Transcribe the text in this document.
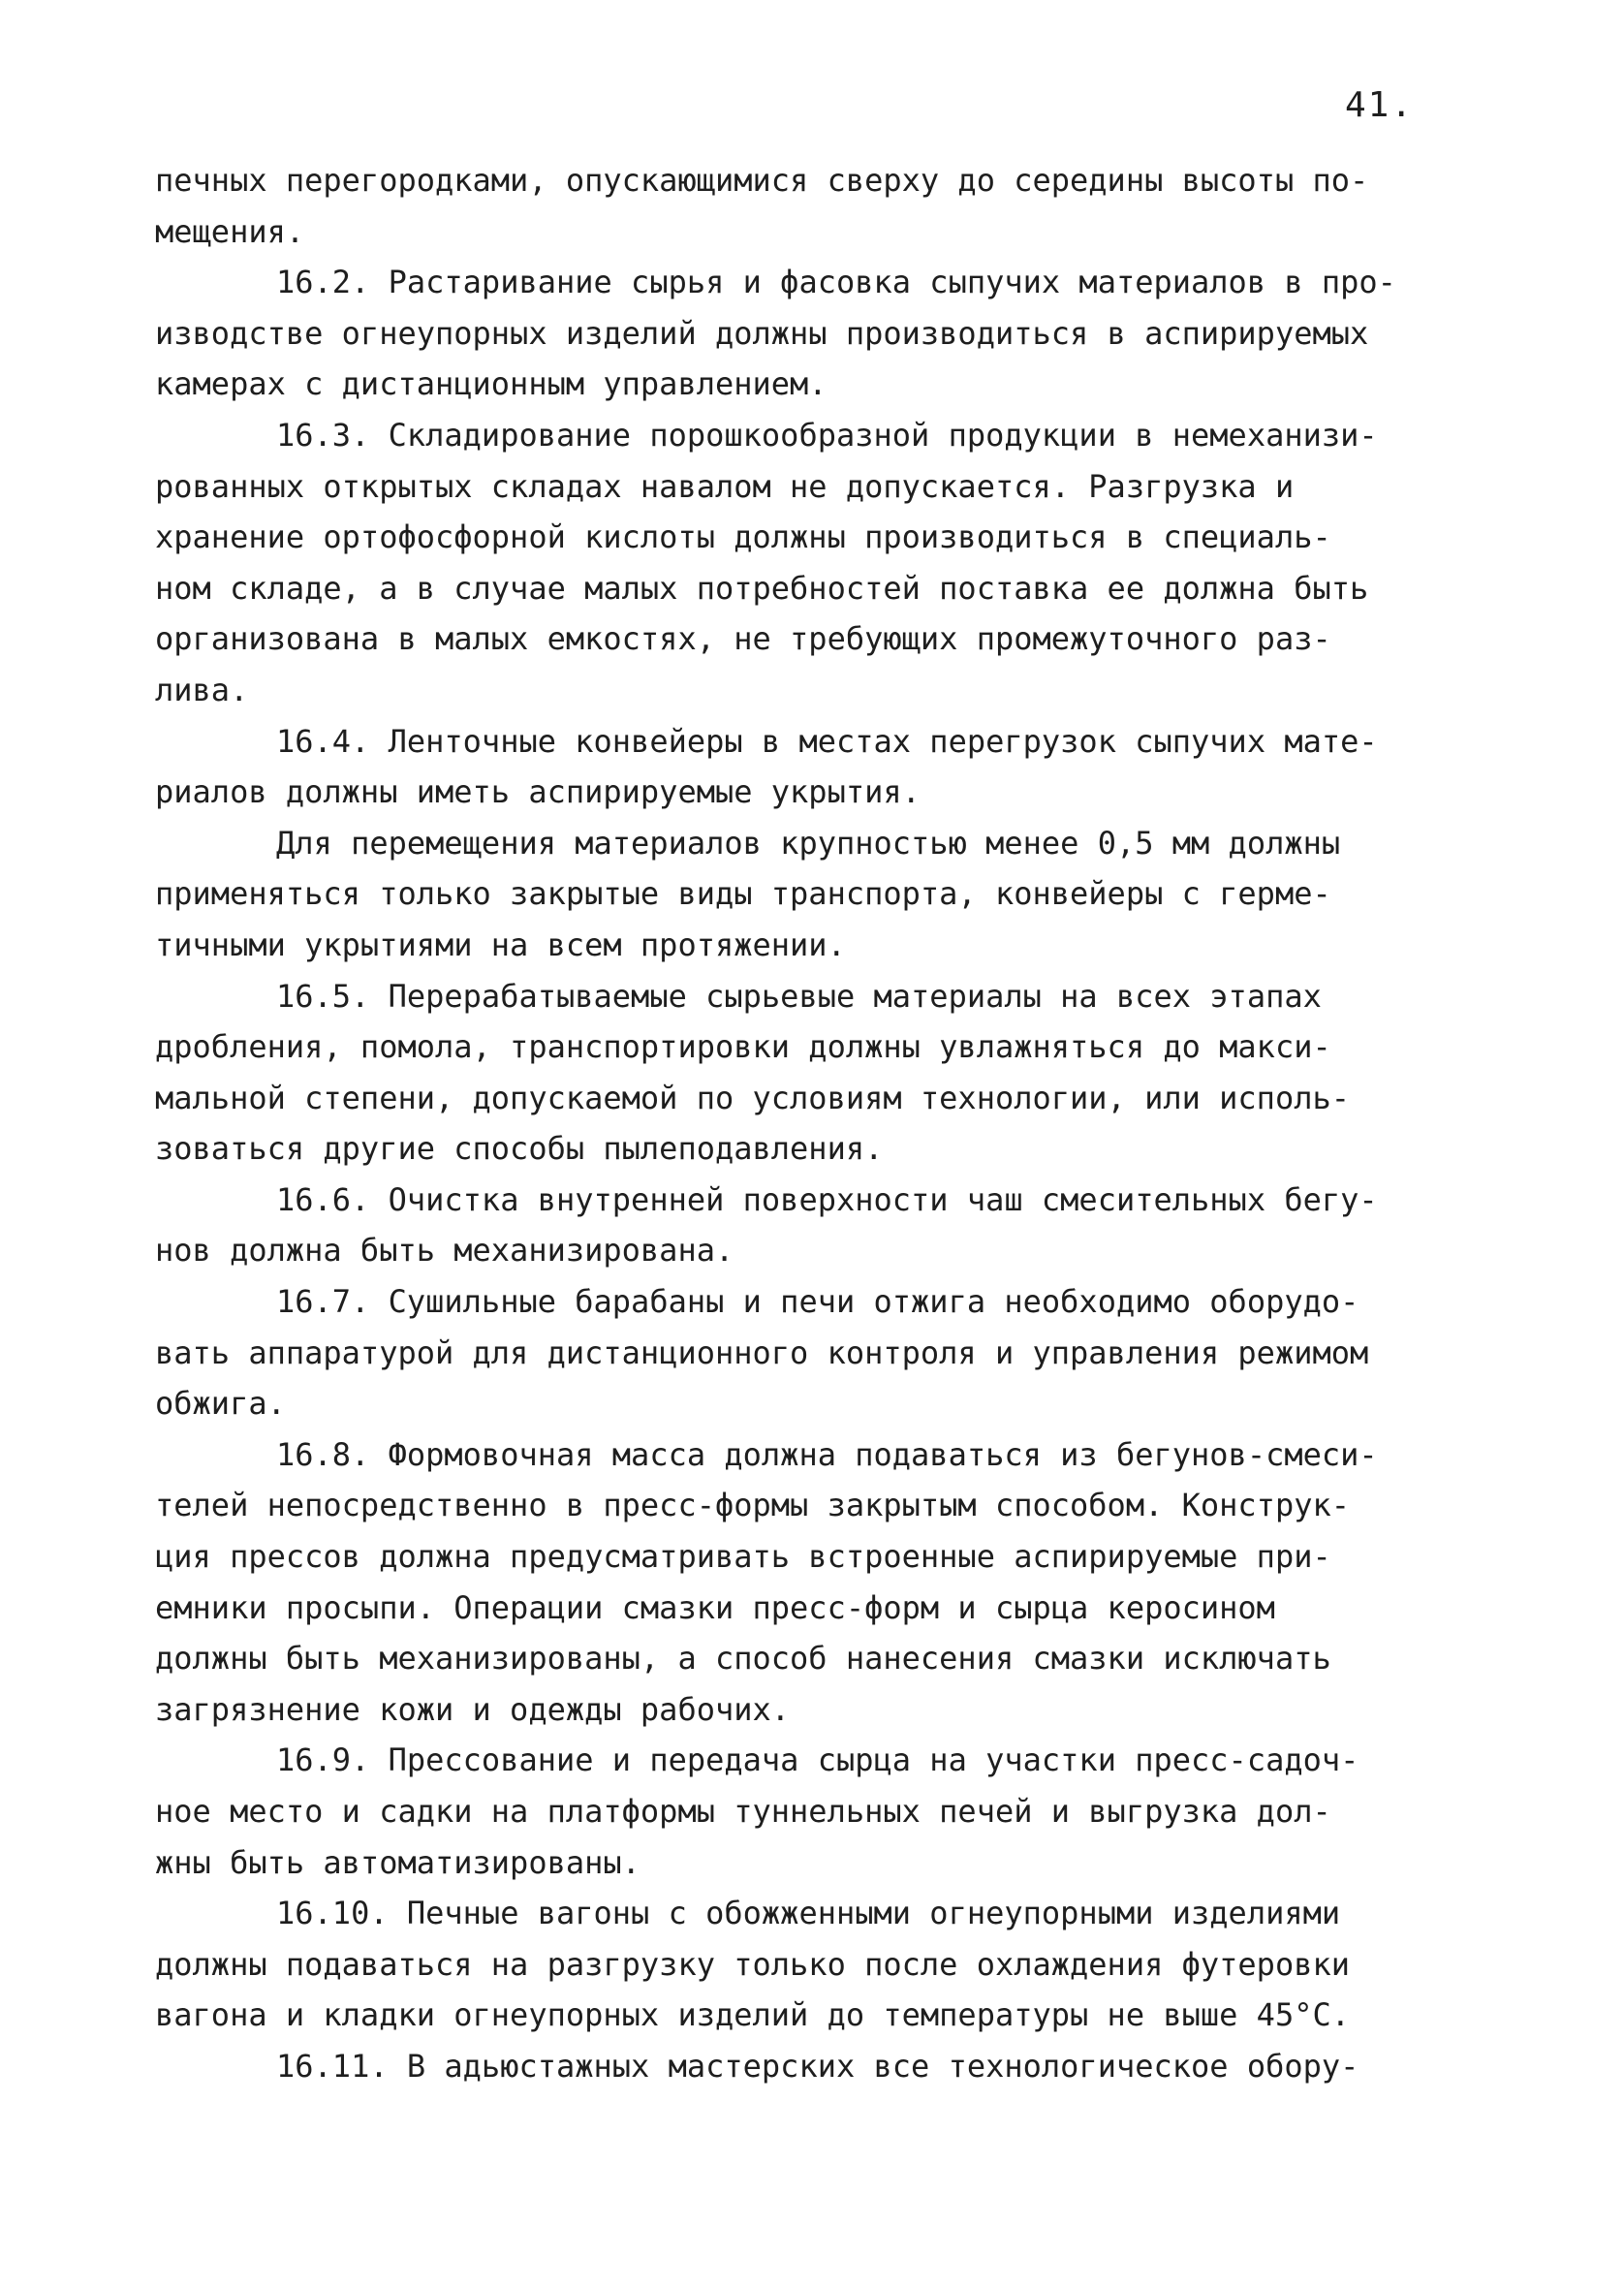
41.
печных перегородками, опускающимися сверху до середины высоты по-
мещения.
16.2. Растаривание сырья и фасовка сыпучих материалов в про-
изводстве огнеупорных изделий должны производиться в аспирируемых
камерах с дистанционным управлением.
16.3. Складирование порошкообразной продукции в немеханизи-
рованных открытых складах навалом не допускается. Разгрузка и
хранение ортофосфорной кислоты должны производиться в специаль-
ном складе, а в случае малых потребностей поставка ее должна быть
организована в малых емкостях, не требующих промежуточного раз-
лива.
16.4. Ленточные конвейеры в местах перегрузок сыпучих мате-
риалов должны иметь аспирируемые укрытия.
Для перемещения материалов крупностью менее 0,5 мм должны
применяться только закрытые виды транспорта, конвейеры с герме-
тичными укрытиями на всем протяжении.
16.5. Перерабатываемые сырьевые материалы на всех этапах
дробления, помола, транспортировки должны увлажняться до макси-
мальной степени, допускаемой по условиям технологии, или исполь-
зоваться другие способы пылеподавления.
16.6. Очистка внутренней поверхности чаш смесительных бегу-
нов должна быть механизирована.
16.7. Сушильные барабаны и печи отжига необходимо оборудо-
вать аппаратурой для дистанционного контроля и управления режимом
обжига.
16.8. Формовочная масса должна подаваться из бегунов-смеси-
телей непосредственно в пресс-формы закрытым способом. Конструк-
ция прессов должна предусматривать встроенные аспирируемые при-
емники просыпи. Операции смазки пресс-форм и сырца керосином
должны быть механизированы, а способ нанесения смазки исключать
загрязнение кожи и одежды рабочих.
16.9. Прессование и передача сырца на участки пресс-садоч-
ное место и садки на платформы туннельных печей и выгрузка дол-
жны быть автоматизированы.
16.10. Печные вагоны с обожженными огнеупорными изделиями
должны подаваться на разгрузку только после охлаждения футеровки
вагона и кладки огнеупорных изделий до температуры не выше 45°С.
16.11. В адьюстажных мастерских все технологическое обору-
